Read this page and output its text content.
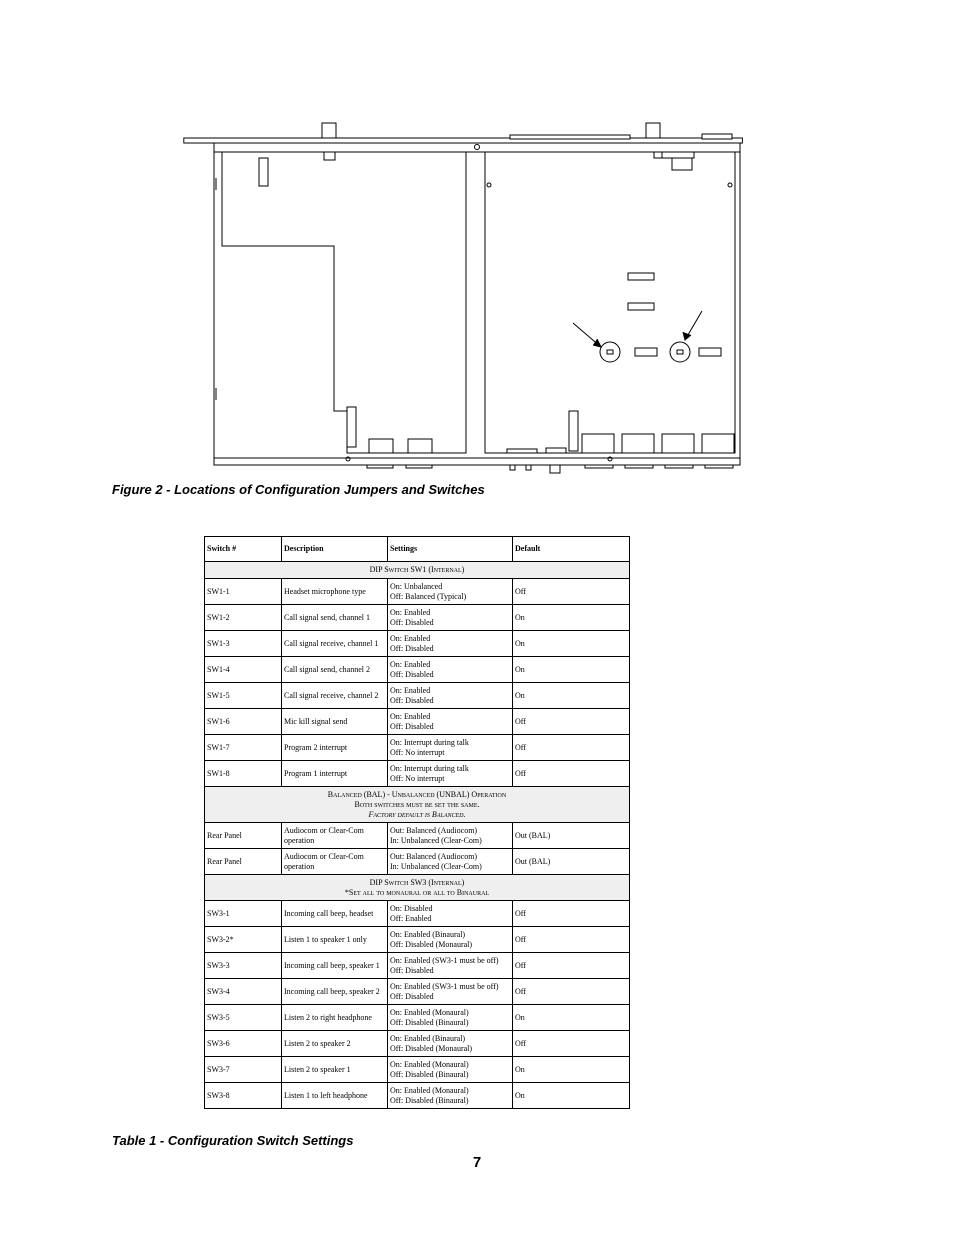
Figure 2 - Locations of Configuration Jumpers and Switches
Switch #	Description	Settings	Default

DIP Switch SW1 (Internal)			

SW1-1	Headset microphone type	On: Unbalanced
Off: Balanced (Typical)	Off
SW1-2	Call signal send, channel 1	On: Enabled
Off: Disabled	On
SW1-3	Call signal receive, channel 1	On: Enabled
Off: Disabled	On
SW1-4	Call signal send, channel 2	On: Enabled
Off: Disabled	On
SW1-5	Call signal receive, channel 2	On: Enabled
Off: Disabled	On
SW1-6	Mic kill signal send	On: Enabled
Off: Disabled	Off
SW1-7	Program 2 interrupt	On: Interrupt during talk
Off: No interrupt	Off
SW1-8	Program 1 interrupt	On: Interrupt during talk
Off: No interrupt	Off

Balanced (BAL) - Unbalanced (UNBAL) Operation
Both switches must be set the same.
Factory default is Balanced.			

Rear Panel	Audiocom or Clear-Com operation	Out: Balanced (Audiocom)
In: Unbalanced (Clear-Com)	Out (BAL)
Rear Panel	Audiocom or Clear-Com operation	Out: Balanced (Audiocom)
In: Unbalanced (Clear-Com)	Out (BAL)

DIP Switch SW3 (Internal)
*Set all to monaural or all to Binaural			

SW3-1	Incoming call beep, headset	On: Disabled
Off: Enabled	Off
SW3-2*	Listen 1 to speaker 1 only	On: Enabled (Binaural)
Off: Disabled (Monaural)	Off
SW3-3	Incoming call beep, speaker 1	On: Enabled (SW3-1 must be off)
Off: Disabled	Off
SW3-4	Incoming call beep, speaker 2	On: Enabled (SW3-1 must be off)
Off: Disabled	Off
SW3-5	Listen 2 to right headphone	On: Enabled (Monaural)
Off: Disabled (Binaural)	On
SW3-6	Listen 2 to speaker 2	On: Enabled (Binaural)
Off: Disabled (Monaural)	Off
SW3-7	Listen 2 to speaker 1	On: Enabled (Monaural)
Off: Disabled (Binaural)	On
SW3-8	Listen 1 to left headphone	On: Enabled (Monaural)
Off: Disabled (Binaural)	On
Table 1 - Configuration Switch Settings
7
